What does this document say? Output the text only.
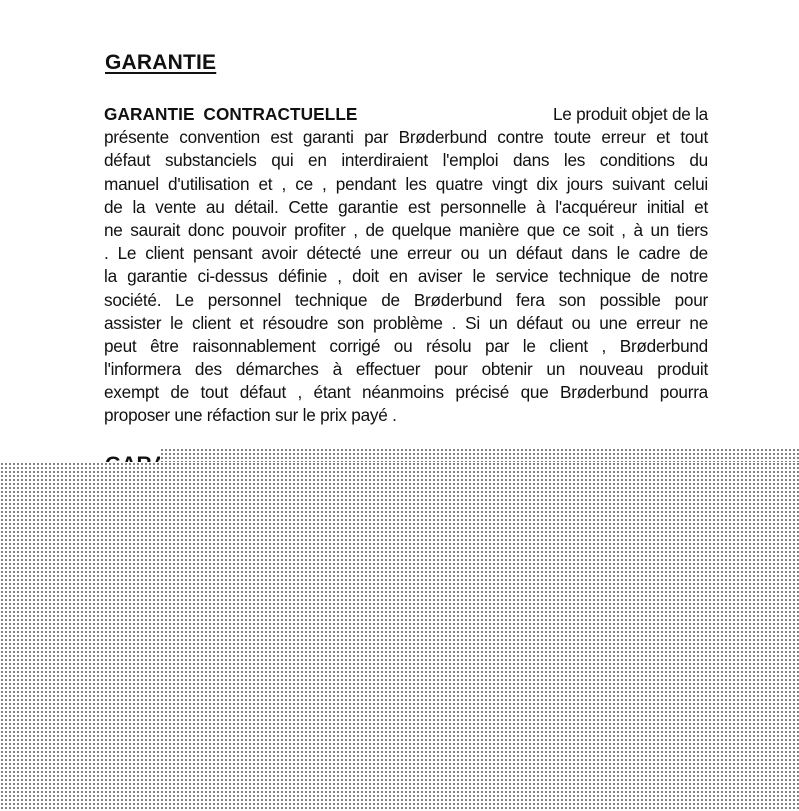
GARANTIE
GARANTIE CONTRACTUELLE	Le produit objet de la
présente convention est garanti par Brøderbund contre toute erreur et tout
défaut substanciels qui en interdiraient l'emploi dans les conditions du
manuel d'utilisation et , ce , pendant les quatre vingt dix jours suivant celui
de la vente au détail. Cette garantie est personnelle à l'acquéreur initial et
ne saurait donc pouvoir profiter , de quelque manière que ce soit , à un tiers
. Le client pensant avoir détecté une erreur ou un défaut dans le cadre de
la garantie ci-dessus définie , doit en aviser le service technique de notre
société. Le personnel technique de Brøderbund fera son possible pour
assister le client et résoudre son problème . Si un défaut ou une erreur ne
peut être raisonnablement corrigé ou résolu par le client , Brøderbund
l'informera des démarches à effectuer pour obtenir un nouveau produit
exempt de tout défaut , étant néanmoins précisé que Brøderbund pourra
proposer une réfaction sur le prix payé .
